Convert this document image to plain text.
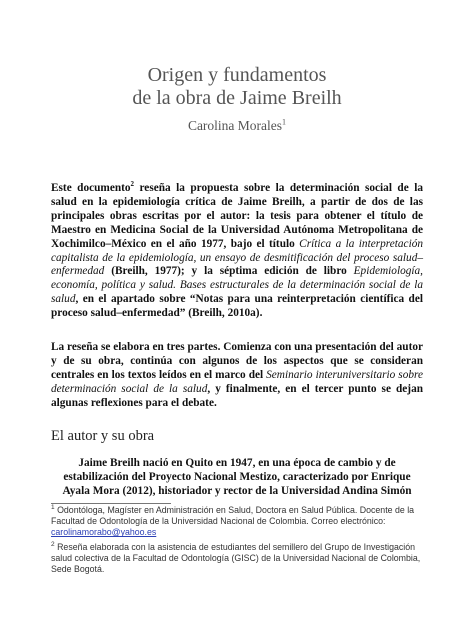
Origen y fundamentos
de la obra de Jaime Breilh
Carolina Morales$^1$
Este documento$^2$ reseña la propuesta sobre la determinación social de la salud en la epidemiología crítica de Jaime Breilh, a partir de dos de las principales obras escritas por el autor: la tesis para obtener el título de Maestro en Medicina Social de la Universidad Autónoma Metropolitana de Xochimilco–México en el año 1977, bajo el título Crítica a la interpretación capitalista de la epidemiología, un ensayo de desmitificación del proceso salud–enfermedad (Breilh, 1977); y la séptima edición de libro Epidemiología, economía, política y salud. Bases estructurales de la determinación social de la salud, en el apartado sobre “Notas para una reinterpretación científica del proceso salud–enfermedad” (Breilh, 2010a).
La reseña se elabora en tres partes. Comienza con una presentación del autor y de su obra, continúa con algunos de los aspectos que se consideran centrales en los textos leídos en el marco del Seminario interuniversitario sobre determinación social de la salud, y finalmente, en el tercer punto se dejan algunas reflexiones para el debate.
El autor y su obra
Jaime Breilh nació en Quito en 1947, en una época de cambio y de estabilización del Proyecto Nacional Mestizo, caracterizado por Enrique Ayala Mora (2012), historiador y rector de la Universidad Andina Simón
$^1$ Odontóloga, Magíster en Administración en Salud, Doctora en Salud Pública. Docente de la Facultad de Odontología de la Universidad Nacional de Colombia. Correo electrónico: carolinamorabo@yahoo.es
$^2$ Reseña elaborada con la asistencia de estudiantes del semillero del Grupo de Investigación salud colectiva de la Facultad de Odontología (GISC) de la Universidad Nacional de Colombia, Sede Bogotá.
